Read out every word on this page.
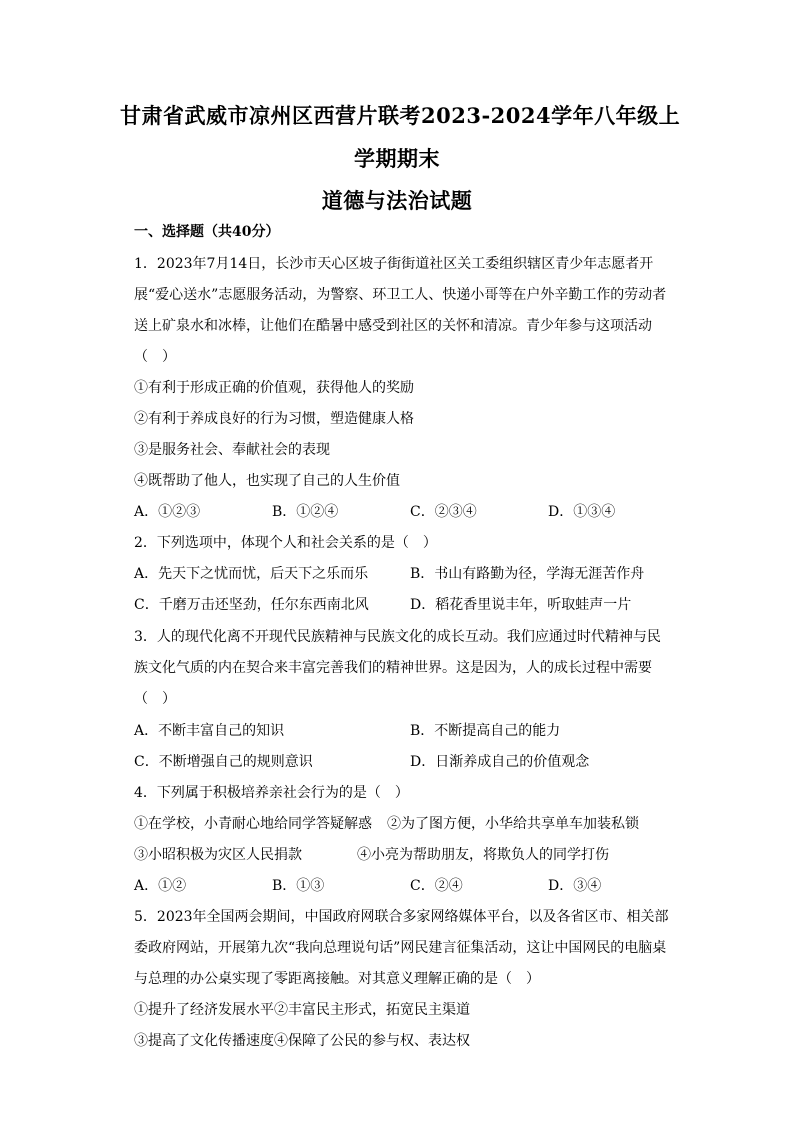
甘肃省武威市凉州区西营片联考2023-2024学年八年级上
学期期末
道德与法治试题
一、选择题（共40分）
1．2023年7月14日，长沙市天心区坡子街街道社区关工委组织辖区青少年志愿者开
展“爱心送水”志愿服务活动，为警察、环卫工人、快递小哥等在户外辛勤工作的劳动者
送上矿泉水和冰棒，让他们在酷暑中感受到社区的关怀和清凉。青少年参与这项活动
（　）
①有利于形成正确的价值观，获得他人的奖励
②有利于养成良好的行为习惯，塑造健康人格
③是服务社会、奉献社会的表现
④既帮助了他人，也实现了自己的人生价值
A．①②③	B．①②④	C．②③④	D．①③④
2．下列选项中，体现个人和社会关系的是（　）
A．先天下之忧而忧，后天下之乐而乐	B．书山有路勤为径，学海无涯苦作舟
C．千磨万击还坚劲，任尔东西南北风	D．稻花香里说丰年，听取蛙声一片
3．人的现代化离不开现代民族精神与民族文化的成长互动。我们应通过时代精神与民
族文化气质的内在契合来丰富完善我们的精神世界。这是因为，人的成长过程中需要
（　）
A．不断丰富自己的知识	B．不断提高自己的能力
C．不断增强自己的规则意识	D．日渐养成自己的价值观念
4．下列属于积极培养亲社会行为的是（　）
①在学校，小青耐心地给同学答疑解惑 ②为了图方便，小华给共享单车加装私锁
③小昭积极为灾区人民捐款	④小亮为帮助朋友，将欺负人的同学打伤
A．①②	B．①③	C．②④	D．③④
5．2023年全国两会期间，中国政府网联合多家网络媒体平台，以及各省区市、相关部
委政府网站，开展第九次“我向总理说句话”网民建言征集活动，这让中国网民的电脑桌
与总理的办公桌实现了零距离接触。对其意义理解正确的是（　）
①提升了经济发展水平②丰富民主形式，拓宽民主渠道
③提高了文化传播速度④保障了公民的参与权、表达权
